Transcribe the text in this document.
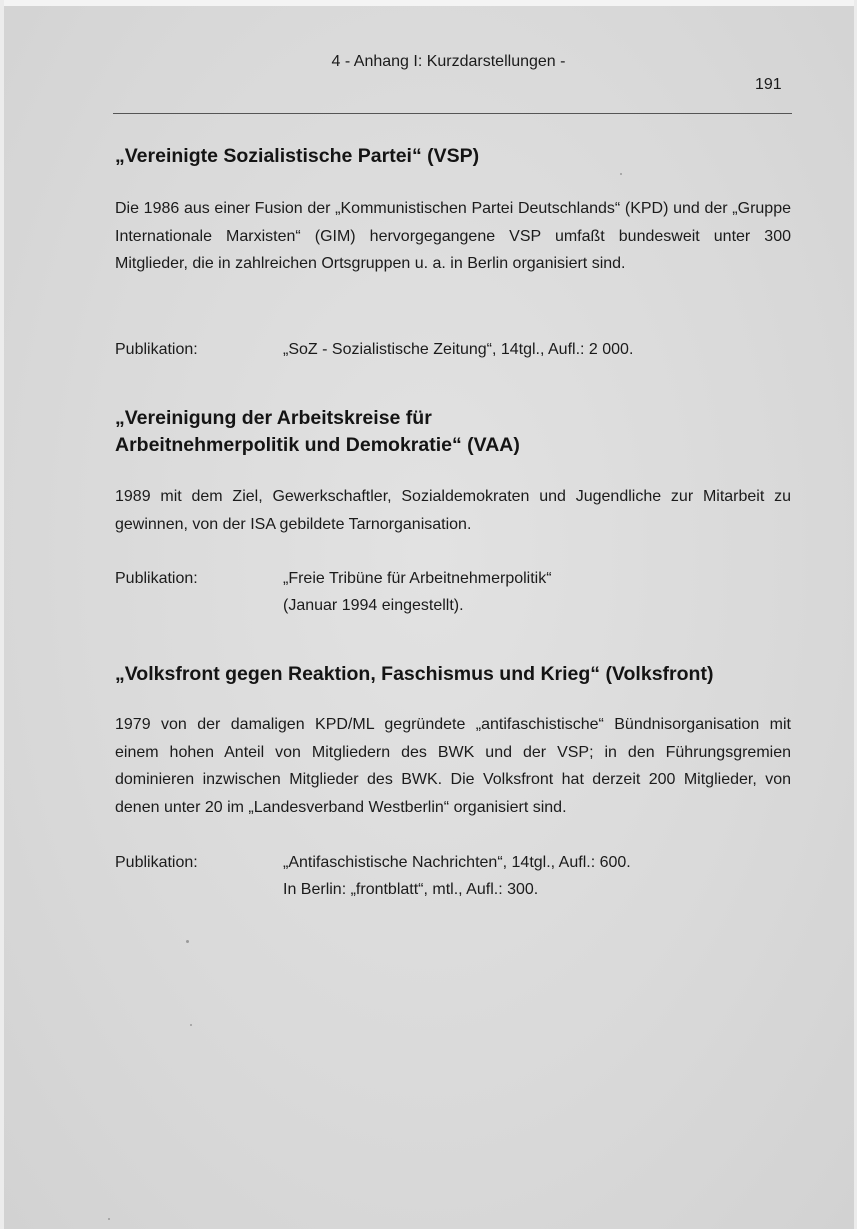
4 - Anhang I: Kurzdarstellungen -
191
„Vereinigte Sozialistische Partei“ (VSP)

Die 1986 aus einer Fusion der „Kommunistischen Partei Deutschlands“ (KPD) und der „Gruppe Internationale Marxisten“ (GIM) hervorgegangene VSP umfaßt bundesweit unter 300 Mitglieder, die in zahlreichen Ortsgruppen u. a. in Berlin organisiert sind.

Publikation:	„SoZ - Sozialistische Zeitung“, 14tgl., Aufl.: 2 000.
„Vereinigung der Arbeitskreise für
Arbeitnehmerpolitik und Demokratie“ (VAA)

1989 mit dem Ziel, Gewerkschaftler, Sozialdemokraten und Jugendliche zur Mitarbeit zu gewinnen, von der ISA gebildete Tarnorganisation.

Publikation:	„Freie Tribüne für Arbeitnehmerpolitik“
(Januar 1994 eingestellt).
„Volksfront gegen Reaktion, Faschismus und Krieg“ (Volksfront)

1979 von der damaligen KPD/ML gegründete „antifaschistische“ Bündnisorganisation mit einem hohen Anteil von Mitgliedern des BWK und der VSP; in den Führungsgremien dominieren inzwischen Mitglieder des BWK. Die Volksfront hat derzeit 200 Mitglieder, von denen unter 20 im „Landesverband Westberlin“ organisiert sind.

Publikation:	„Antifaschistische Nachrichten“, 14tgl., Aufl.: 600.
In Berlin: „frontblatt“, mtl., Aufl.: 300.
